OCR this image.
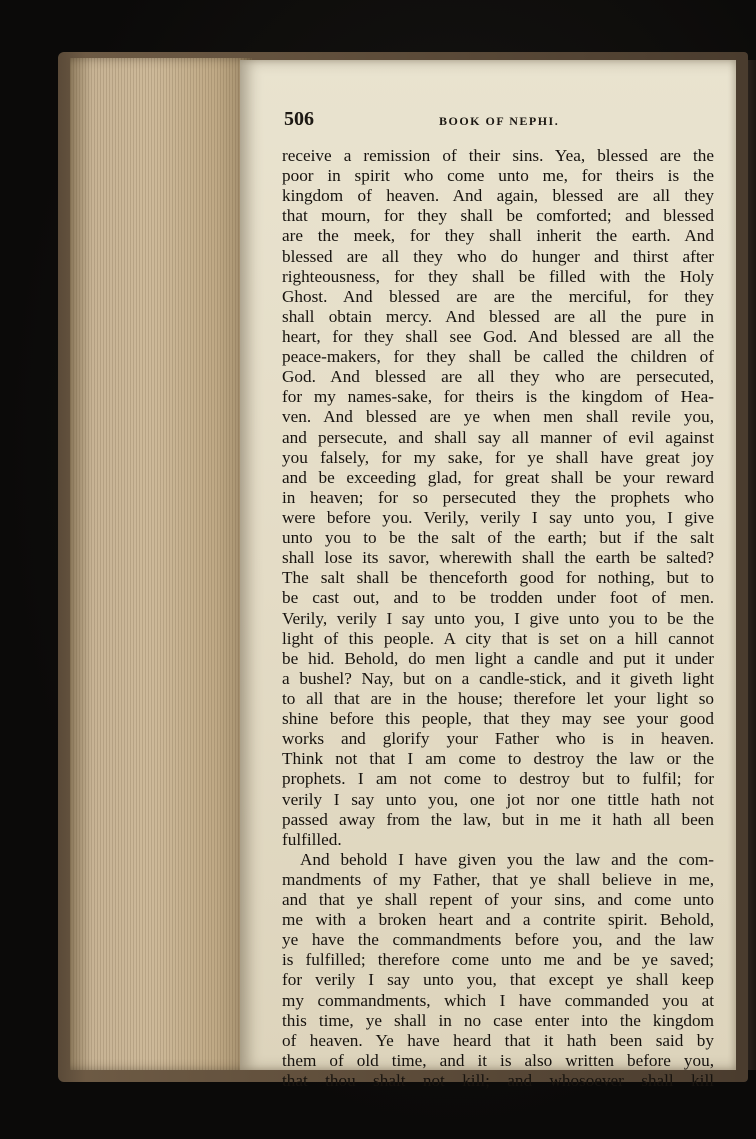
506	BOOK OF NEPHI.
receive a remission of their sins. Yea, blessed are the
poor in spirit who come unto me, for theirs is the
kingdom of heaven. And again, blessed are all they
that mourn, for they shall be comforted; and blessed
are the meek, for they shall inherit the earth. And
blessed are all they who do hunger and thirst after
righteousness, for they shall be filled with the Holy
Ghost. And blessed are are the merciful, for they
shall obtain mercy. And blessed are all the pure in
heart, for they shall see God. And blessed are all the
peace-makers, for they shall be called the children of
God. And blessed are all they who are persecuted,
for my names-sake, for theirs is the kingdom of Hea-
ven. And blessed are ye when men shall revile you,
and persecute, and shall say all manner of evil against
you falsely, for my sake, for ye shall have great joy
and be exceeding glad, for great shall be your reward
in heaven; for so persecuted they the prophets who
were before you. Verily, verily I say unto you, I give
unto you to be the salt of the earth; but if the salt
shall lose its savor, wherewith shall the earth be salted?
The salt shall be thenceforth good for nothing, but to
be cast out, and to be trodden under foot of men.
Verily, verily I say unto you, I give unto you to be the
light of this people. A city that is set on a hill cannot
be hid. Behold, do men light a candle and put it under
a bushel? Nay, but on a candle-stick, and it giveth light
to all that are in the house; therefore let your light so
shine before this people, that they may see your good
works and glorify your Father who is in heaven.
Think not that I am come to destroy the law or the
prophets. I am not come to destroy but to fulfil; for
verily I say unto you, one jot nor one tittle hath not
passed away from the law, but in me it hath all been
fulfilled.
And behold I have given you the law and the com-
mandments of my Father, that ye shall believe in me,
and that ye shall repent of your sins, and come unto
me with a broken heart and a contrite spirit. Behold,
ye have the commandments before you, and the law
is fulfilled; therefore come unto me and be ye saved;
for verily I say unto you, that except ye shall keep
my commandments, which I have commanded you at
this time, ye shall in no case enter into the kingdom
of heaven. Ye have heard that it hath been said by
them of old time, and it is also written before you,
that thou shalt not kill; and whosoever shall kill
